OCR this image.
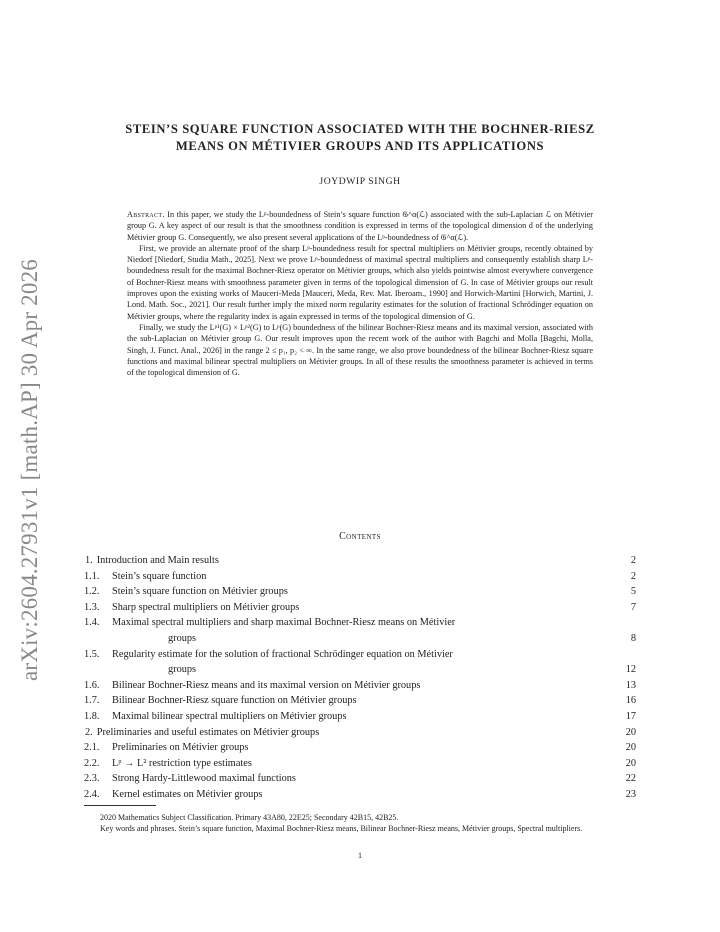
arXiv:2604.27931v1 [math.AP] 30 Apr 2026
STEIN’S SQUARE FUNCTION ASSOCIATED WITH THE BOCHNER-RIESZ
MEANS ON MÉTIVIER GROUPS AND ITS APPLICATIONS
JOYDWIP SINGH

Abstract. In this paper, we study the Lᵖ-boundedness of Stein’s square function 𝔊^α(ℒ) associated with the sub-Laplacian ℒ on Métivier group G. A key aspect of our result is that the smoothness condition is expressed in terms of the topological dimension d of the underlying Métivier group G. Consequently, we also present several applications of the Lᵖ-boundedness of 𝔊^α(ℒ).

First, we provide an alternate proof of the sharp Lᵖ-boundedness result for spectral multipliers on Métivier groups, recently obtained by Niedorf [Niedorf, Studia Math., 2025]. Next we prove Lᵖ-boundedness of maximal spectral multipliers and consequently establish sharp Lᵖ-boundedness result for the maximal Bochner-Riesz operator on Métivier groups, which also yields pointwise almost everywhere convergence of Bochner-Riesz means with smoothness parameter given in terms of the topological dimension of G. In case of Métivier groups our result improves upon the existing works of Mauceri-Meda [Mauceri, Meda, Rev. Mat. Iberoam., 1990] and Horwich-Martini [Horwich, Martini, J. Lond. Math. Soc., 2021]. Our result further imply the mixed norm regularity estimates for the solution of fractional Schrödinger equation on Métivier groups, where the regularity index is again expressed in terms of the topological dimension of G.

Finally, we study the Lᵖ¹(G) × Lᵖ²(G) to Lᵖ(G) boundedness of the bilinear Bochner-Riesz means and its maximal version, associated with the sub-Laplacian on Métivier group G. Our result improves upon the recent work of the author with Bagchi and Molla [Bagchi, Molla, Singh, J. Funct. Anal., 2026] in the range 2 ≤ p₁, p₂ < ∞. In the same range, we also prove boundedness of the bilinear Bochner-Riesz square functions and maximal bilinear spectral multipliers on Métivier groups. In all of these results the smoothness parameter is achieved in terms of the topological dimension of G.

Contents
1. Introduction and Main results	2
1.1. Stein’s square function	2
1.2. Stein’s square function on Métivier groups	5
1.3. Sharp spectral multipliers on Métivier groups	7
1.4. Maximal spectral multipliers and sharp maximal Bochner-Riesz means on Métivier
groups	8
1.5. Regularity estimate for the solution of fractional Schrödinger equation on Métivier
groups	12
1.6. Bilinear Bochner-Riesz means and its maximal version on Métivier groups	13
1.7. Bilinear Bochner-Riesz square function on Métivier groups	16
1.8. Maximal bilinear spectral multipliers on Métivier groups	17
2. Preliminaries and useful estimates on Métivier groups	20
2.1. Preliminaries on Métivier groups	20
2.2. Lᵖ → L² restriction type estimates	20
2.3. Strong Hardy-Littlewood maximal functions	22
2.4. Kernel estimates on Métivier groups	23

2020 Mathematics Subject Classification. Primary 43A80, 22E25; Secondary 42B15, 42B25.

Key words and phrases. Stein’s square function, Maximal Bochner-Riesz means, Bilinear Bochner-Riesz means, Métivier groups, Spectral multipliers.

1
